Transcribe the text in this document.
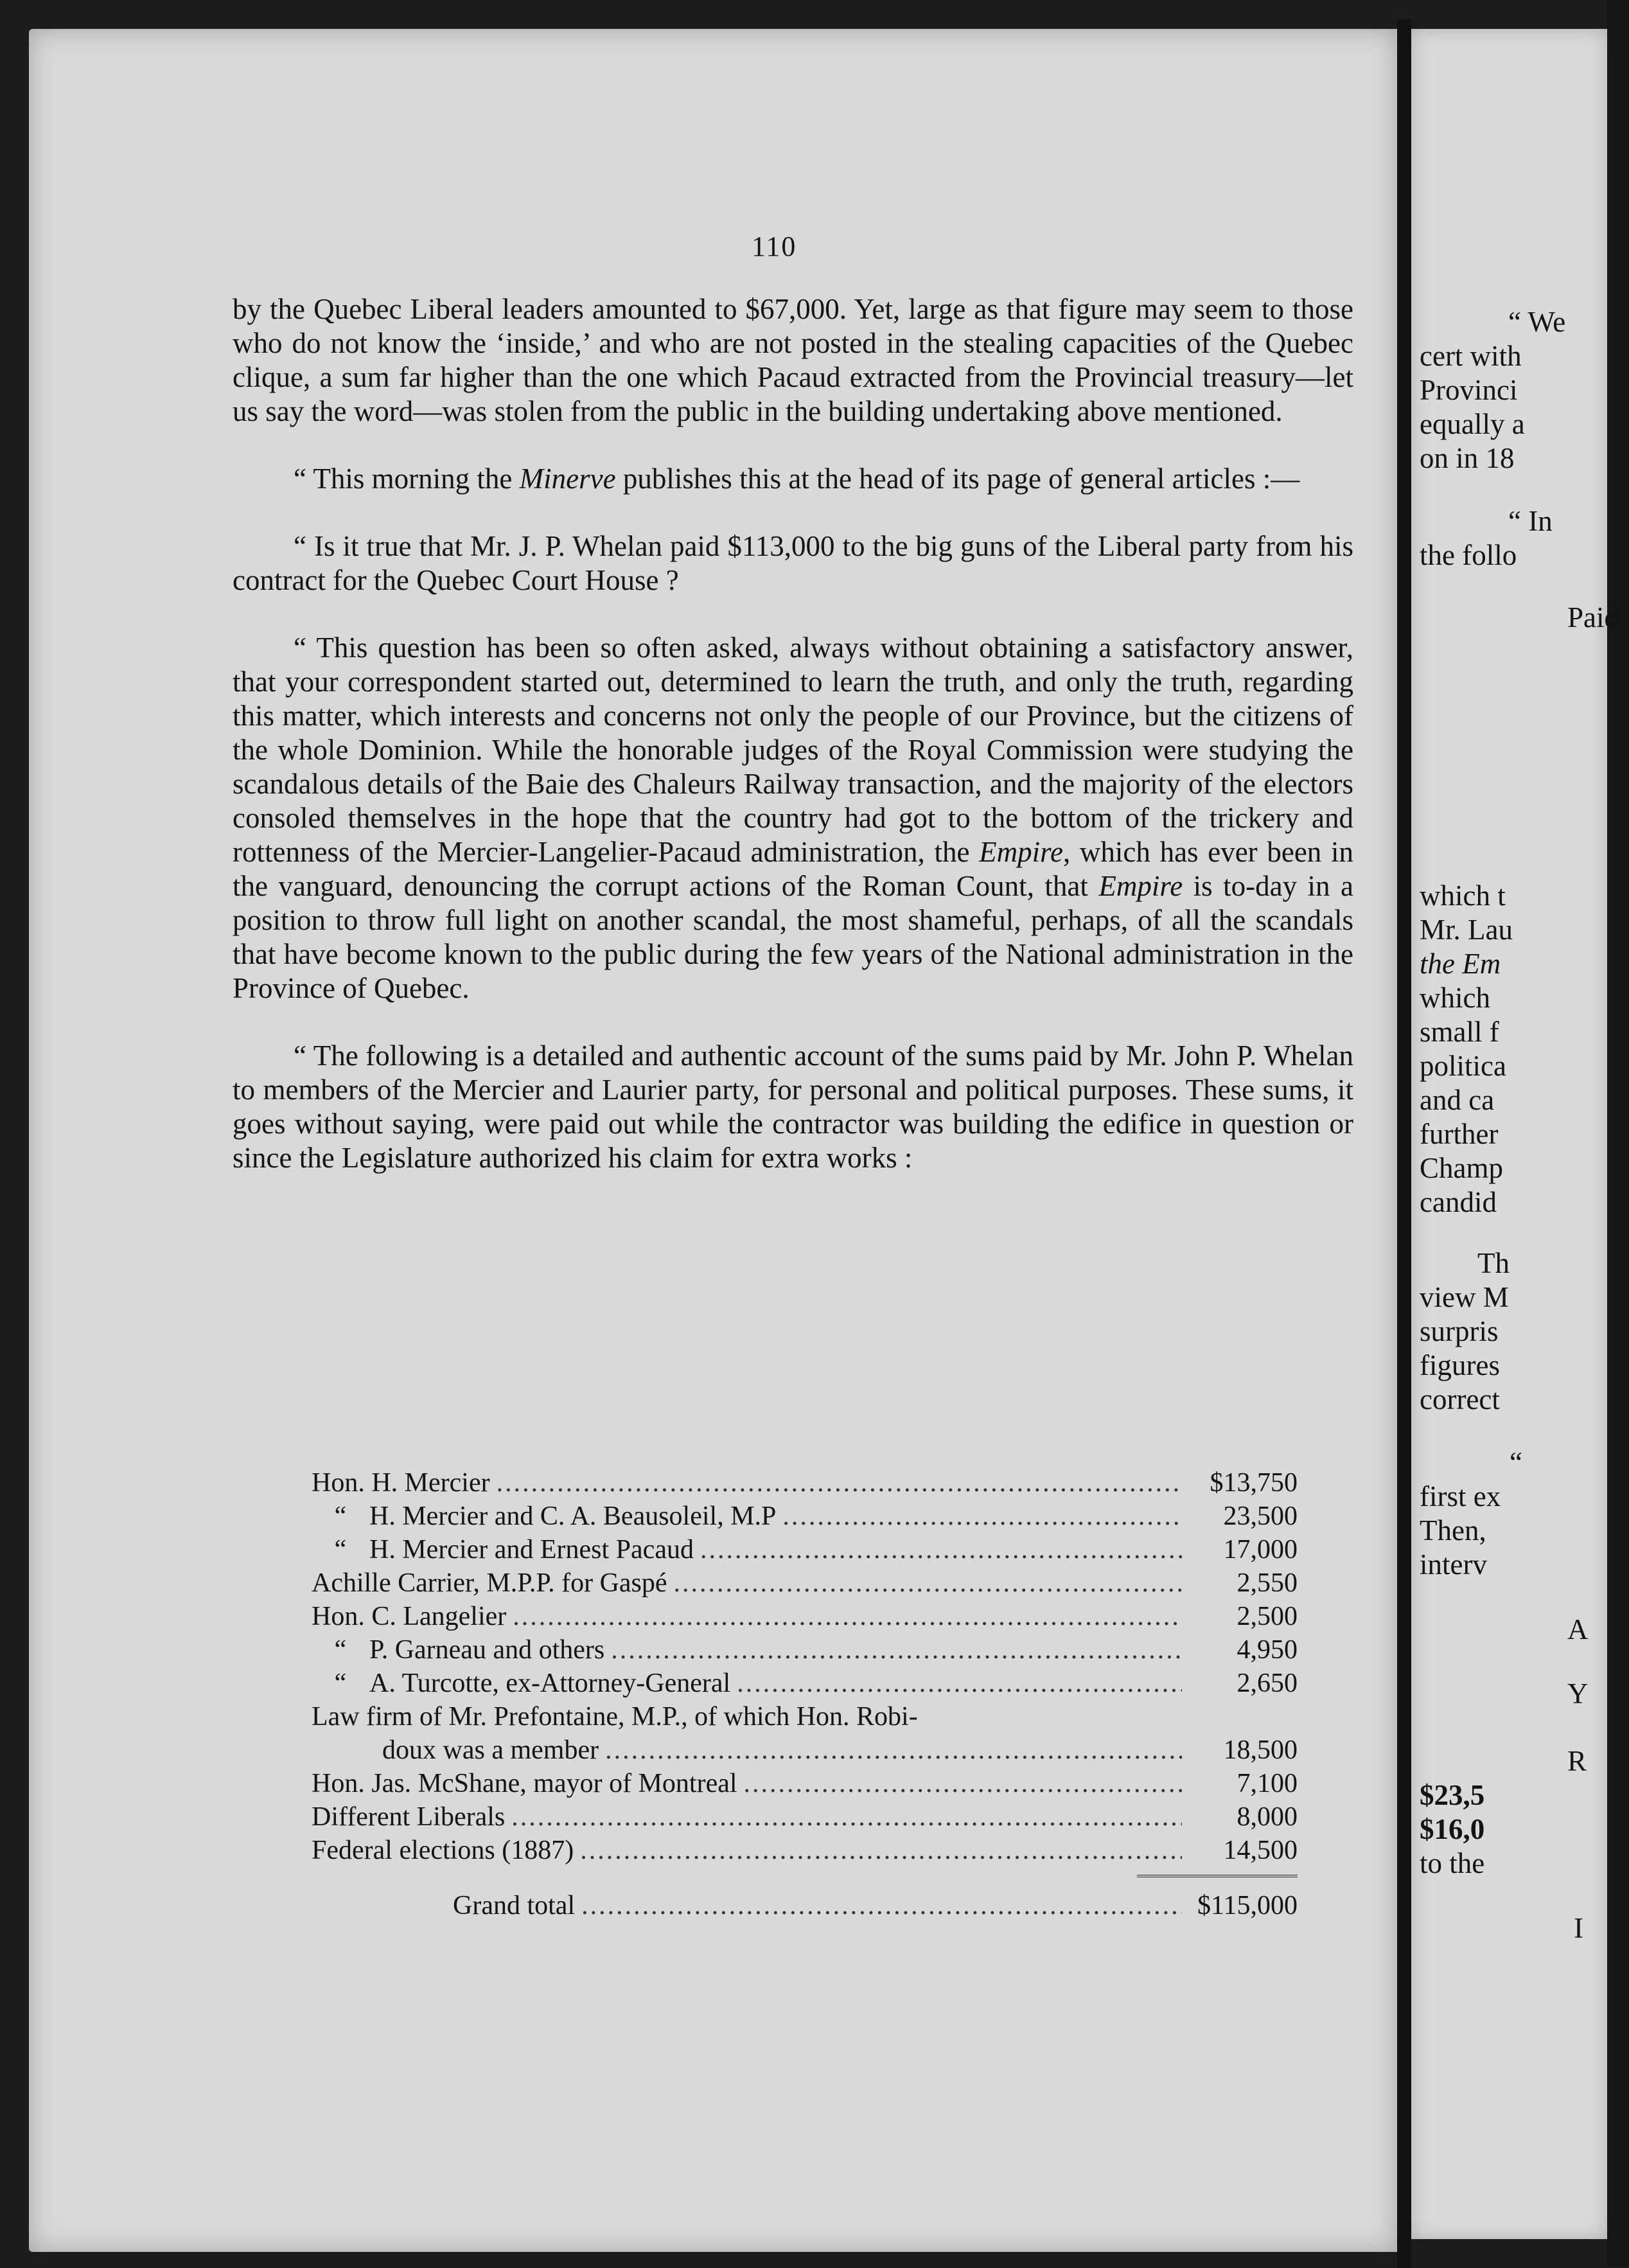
110

by the Quebec Liberal leaders amounted to $67,000. Yet, large as that figure may seem to those who do not know the ‘inside,’ and who are not posted in the stealing capacities of the Quebec clique, a sum far higher than the one which Pacaud extracted from the Provincial treasury—let us say the word—was stolen from the public in the building undertaking above mentioned.

“ This morning the Minerve publishes this at the head of its page of general articles :—

“ Is it true that Mr. J. P. Whelan paid $113,000 to the big guns of the Liberal party from his contract for the Quebec Court House ?

“ This question has been so often asked, always without obtaining a satisfactory answer, that your correspondent started out, determined to learn the truth, and only the truth, regarding this matter, which interests and concerns not only the people of our Province, but the citizens of the whole Dominion. While the honorable judges of the Royal Commission were studying the scandalous details of the Baie des Chaleurs Railway transaction, and the majority of the electors consoled themselves in the hope that the country had got to the bottom of the trickery and rottenness of the Mercier-Langelier-Pacaud administration, the Empire, which has ever been in the vanguard, denouncing the corrupt actions of the Roman Count, that Empire is to-day in a position to throw full light on another scandal, the most shameful, perhaps, of all the scandals that have become known to the public during the few years of the National administration in the Province of Quebec.

“ The following is a detailed and authentic account of the sums paid by Mr. John P. Whelan to members of the Mercier and Laurier party, for personal and political purposes. These sums, it goes without saying, were paid out while the contractor was building the edifice in question or since the Legislature authorized his claim for extra works :

Hon. H. Mercier .....	$13,750
“ H. Mercier and C. A. Beausoleil, M.P .....	23,500
“ H. Mercier and Ernest Pacaud .....	17,000
Achille Carrier, M.P.P. for Gaspé .....	2,550
Hon. C. Langelier .....	2,500
“ P. Garneau and others .....	4,950
“ A. Turcotte, ex-Attorney-General .....	2,650
Law firm of Mr. Prefontaine, M.P., of which Hon. Robi-
doux was a member .....	18,500
Hon. Jas. McShane, mayor of Montreal .....	7,100
Different Liberals .....	8,000
Federal elections (1887) .....	14,500
Grand total .....	$115,000
“ We
cert with
Provinci
equally a
on in 18
“ In
the follo
Paid
which t
Mr. Lau
the Em
which
small f
politica
and ca
further
Champ
candid
Th
view M
surpris
figures
correct
“
first ex
Then,
interv
A
Y
R
$23,5
$16,0
to the
I
